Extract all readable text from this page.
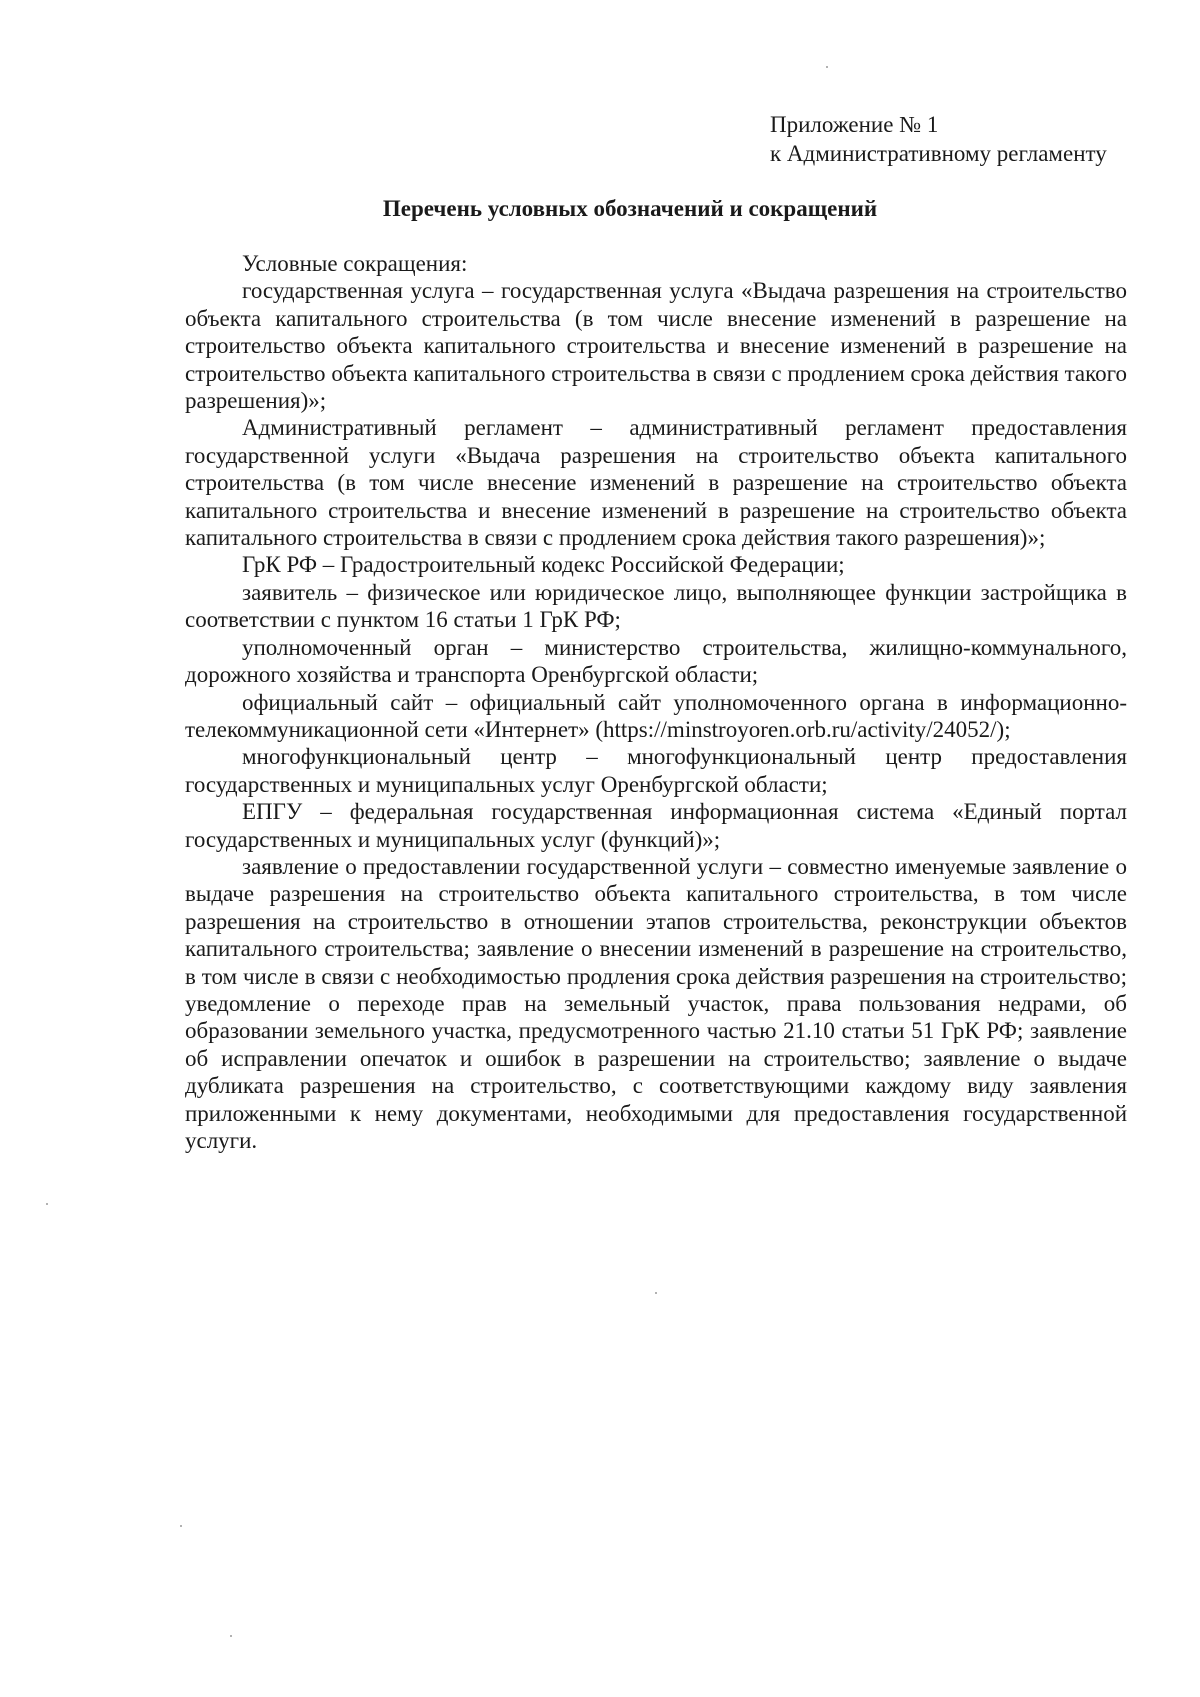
Приложение № 1
к Административному регламенту
Перечень условных обозначений и сокращений

Условные сокращения:

государственная услуга – государственная услуга «Выдача разрешения на строительство объекта капитального строительства (в том числе внесение изменений в разрешение на строительство объекта капитального строительства и внесение изменений в разрешение на строительство объекта капитального строительства в связи с продлением срока действия такого разрешения)»;

Административный регламент – административный регламент предоставления государственной услуги «Выдача разрешения на строительство объекта капитального строительства (в том числе внесение изменений в разрешение на строительство объекта капитального строительства и внесение изменений в разрешение на строительство объекта капитального строительства в связи с продлением срока действия такого разрешения)»;

ГрК РФ – Градостроительный кодекс Российской Федерации;

заявитель – физическое или юридическое лицо, выполняющее функции застройщика в соответствии с пунктом 16 статьи 1 ГрК РФ;

уполномоченный орган – министерство строительства, жилищно-коммунального, дорожного хозяйства и транспорта Оренбургской области;

официальный сайт – официальный сайт уполномоченного органа в информационно-телекоммуникационной сети «Интернет» (https://minstroyoren.orb.ru/activity/24052/);

многофункциональный центр – многофункциональный центр предоставления государственных и муниципальных услуг Оренбургской области;

ЕПГУ – федеральная государственная информационная система «Единый портал государственных и муниципальных услуг (функций)»;

заявление о предоставлении государственной услуги – совместно именуемые заявление о выдаче разрешения на строительство объекта капитального строительства, в том числе разрешения на строительство в отношении этапов строительства, реконструкции объектов капитального строительства; заявление о внесении изменений в разрешение на строительство, в том числе в связи с необходимостью продления срока действия разрешения на строительство; уведомление о переходе прав на земельный участок, права пользования недрами, об образовании земельного участка, предусмотренного частью 21.10 статьи 51 ГрК РФ; заявление об исправлении опечаток и ошибок в разрешении на строительство; заявление о выдаче дубликата разрешения на строительство, с соответствующими каждому виду заявления приложенными к нему документами, необходимыми для предоставления государственной услуги.
